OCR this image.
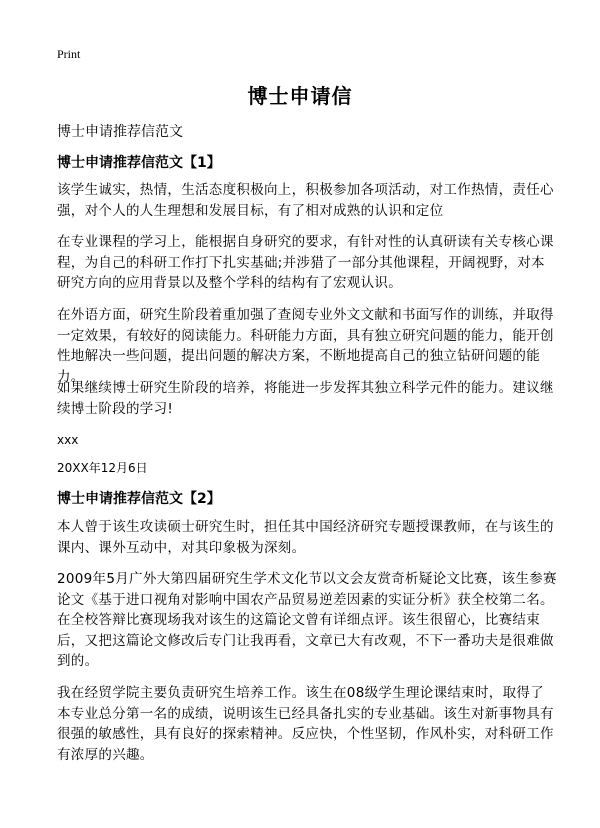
Print
博士申请信
博士申请推荐信范文
博士申请推荐信范文【1】
该学生诚实，热情，生活态度积极向上，积极参加各项活动，对工作热情，责任心强，对个人的人生理想和发展目标，有了相对成熟的认识和定位
在专业课程的学习上，能根据自身研究的要求，有针对性的认真研读有关专核心课程，为自己的科研工作打下扎实基础;并涉猎了一部分其他课程，开阔视野，对本研究方向的应用背景以及整个学科的结构有了宏观认识。
在外语方面，研究生阶段着重加强了查阅专业外文文献和书面写作的训练，并取得一定效果，有较好的阅读能力。科研能力方面，具有独立研究问题的能力，能开创性地解决一些问题，提出问题的解决方案，不断地提高自己的独立钻研问题的能力。
如果继续博士研究生阶段的培养，将能进一步发挥其独立科学元件的能力。建议继续博士阶段的学习!
xxx
20XX年12月6日
博士申请推荐信范文【2】
本人曾于该生攻读硕士研究生时，担任其中国经济研究专题授课教师，在与该生的课内、课外互动中，对其印象极为深刻。
2009年5月广外大第四届研究生学术文化节以文会友赏奇析疑论文比赛，该生参赛论文《基于进口视角对影响中国农产品贸易逆差因素的实证分析》获全校第二名。在全校答辩比赛现场我对该生的这篇论文曾有详细点评。该生很留心，比赛结束后，又把这篇论文修改后专门让我再看，文章已大有改观，不下一番功夫是很难做到的。
我在经贸学院主要负责研究生培养工作。该生在08级学生理论课结束时，取得了本专业总分第一名的成绩，说明该生已经具备扎实的专业基础。该生对新事物具有很强的敏感性，具有良好的探索精神。反应快，个性坚韧，作风朴实，对科研工作有浓厚的兴趣。
